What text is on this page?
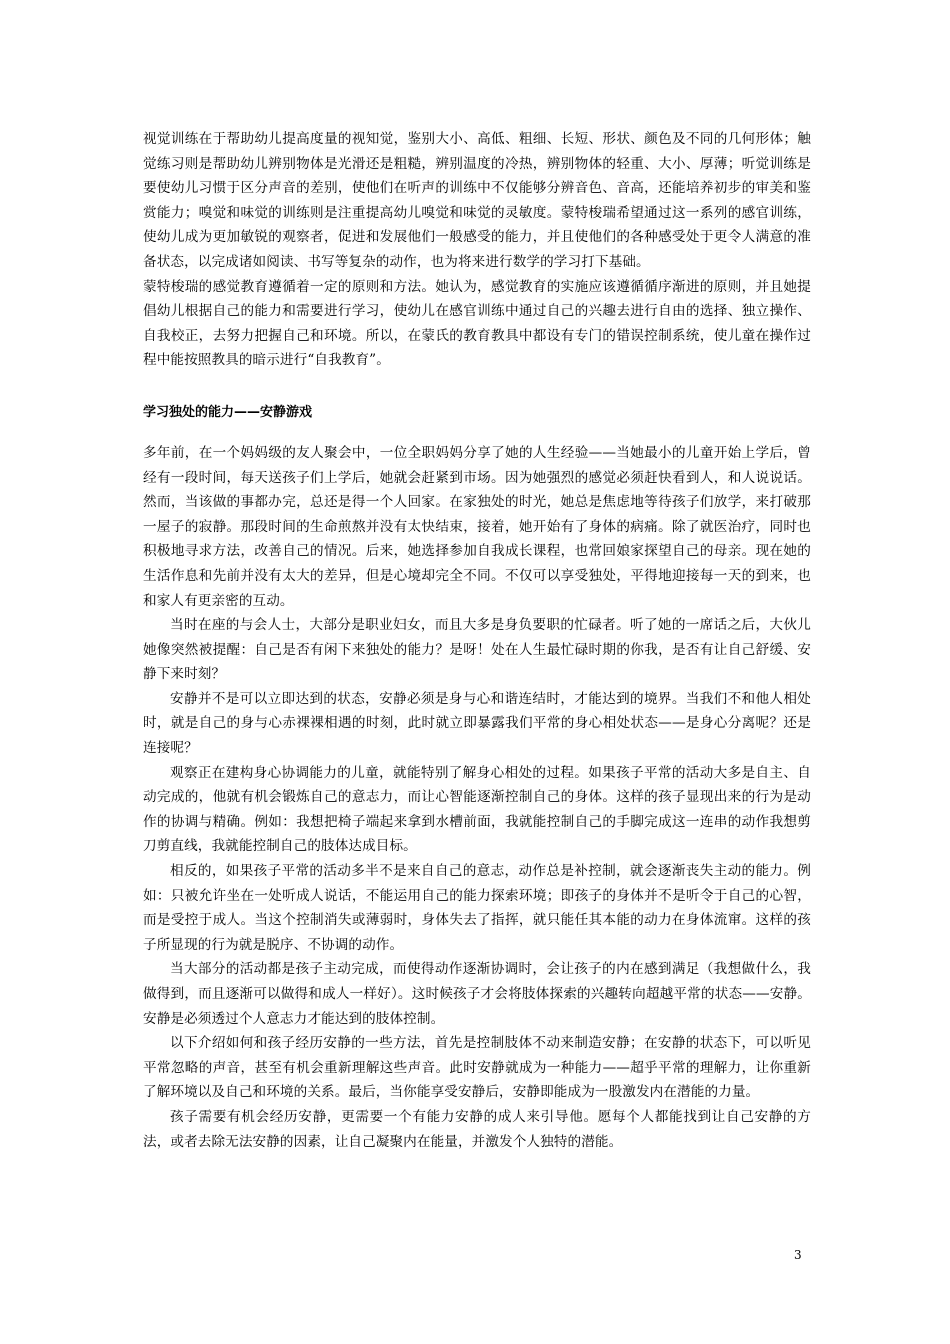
视觉训练在于帮助幼儿提高度量的视知觉，鉴别大小、高低、粗细、长短、形状、颜色及不同的几何形体；触觉练习则是帮助幼儿辨别物体是光滑还是粗糙，辨别温度的冷热，辨别物体的轻重、大小、厚薄；听觉训练是要使幼儿习惯于区分声音的差别，使他们在听声的训练中不仅能够分辨音色、音高，还能培养初步的审美和鉴赏能力；嗅觉和味觉的训练则是注重提高幼儿嗅觉和味觉的灵敏度。蒙特梭瑞希望通过这一系列的感官训练，使幼儿成为更加敏锐的观察者，促进和发展他们一般感受的能力，并且使他们的各种感受处于更令人满意的准备状态，以完成诸如阅读、书写等复杂的动作，也为将来进行数学的学习打下基础。

蒙特梭瑞的感觉教育遵循着一定的原则和方法。她认为，感觉教育的实施应该遵循循序渐进的原则，并且她提倡幼儿根据自己的能力和需要进行学习，使幼儿在感官训练中通过自己的兴趣去进行自由的选择、独立操作、自我校正，去努力把握自己和环境。所以，在蒙氏的教育教具中都设有专门的错误控制系统，使儿童在操作过程中能按照教具的暗示进行“自我教育”。

学习独处的能力——安静游戏

多年前，在一个妈妈级的友人聚会中，一位全职妈妈分享了她的人生经验——当她最小的儿童开始上学后，曾经有一段时间，每天送孩子们上学后，她就会赶紧到市场。因为她强烈的感觉必须赶快看到人，和人说说话。然而，当该做的事都办完，总还是得一个人回家。在家独处的时光，她总是焦虑地等待孩子们放学，来打破那一屋子的寂静。那段时间的生命煎熬并没有太快结束，接着，她开始有了身体的病痛。除了就医治疗，同时也积极地寻求方法，改善自己的情况。后来，她选择参加自我成长课程，也常回娘家探望自己的母亲。现在她的生活作息和先前并没有太大的差异，但是心境却完全不同。不仅可以享受独处，平得地迎接每一天的到来，也和家人有更亲密的互动。

当时在座的与会人士，大部分是职业妇女，而且大多是身负要职的忙碌者。听了她的一席话之后，大伙儿她像突然被提醒：自己是否有闲下来独处的能力？是呀！处在人生最忙碌时期的你我，是否有让自己舒缓、安静下来时刻？

安静并不是可以立即达到的状态，安静必须是身与心和谐连结时，才能达到的境界。当我们不和他人相处时，就是自己的身与心赤裸裸相遇的时刻，此时就立即暴露我们平常的身心相处状态——是身心分离呢？还是连接呢？

观察正在建构身心协调能力的儿童，就能特别了解身心相处的过程。如果孩子平常的活动大多是自主、自动完成的，他就有机会锻炼自己的意志力，而让心智能逐渐控制自己的身体。这样的孩子显现出来的行为是动作的协调与精确。例如：我想把椅子端起来拿到水槽前面，我就能控制自己的手脚完成这一连串的动作我想剪刀剪直线，我就能控制自己的肢体达成目标。

相反的，如果孩子平常的活动多半不是来自自己的意志，动作总是补控制，就会逐渐丧失主动的能力。例如：只被允许坐在一处听成人说话，不能运用自己的能力探索环境；即孩子的身体并不是听令于自己的心智，而是受控于成人。当这个控制消失或薄弱时，身体失去了指挥，就只能任其本能的动力在身体流窜。这样的孩子所显现的行为就是脱序、不协调的动作。

当大部分的活动都是孩子主动完成，而使得动作逐渐协调时，会让孩子的内在感到满足（我想做什么，我做得到，而且逐渐可以做得和成人一样好）。这时候孩子才会将肢体探索的兴趣转向超越平常的状态——安静。安静是必须透过个人意志力才能达到的肢体控制。

以下介绍如何和孩子经历安静的一些方法，首先是控制肢体不动来制造安静；在安静的状态下，可以听见平常忽略的声音，甚至有机会重新理解这些声音。此时安静就成为一种能力——超乎平常的理解力，让你重新了解环境以及自己和环境的关系。最后，当你能享受安静后，安静即能成为一股激发内在潜能的力量。

孩子需要有机会经历安静，更需要一个有能力安静的成人来引导他。愿每个人都能找到让自己安静的方法，或者去除无法安静的因素，让自己凝聚内在能量，并激发个人独特的潜能。

3
